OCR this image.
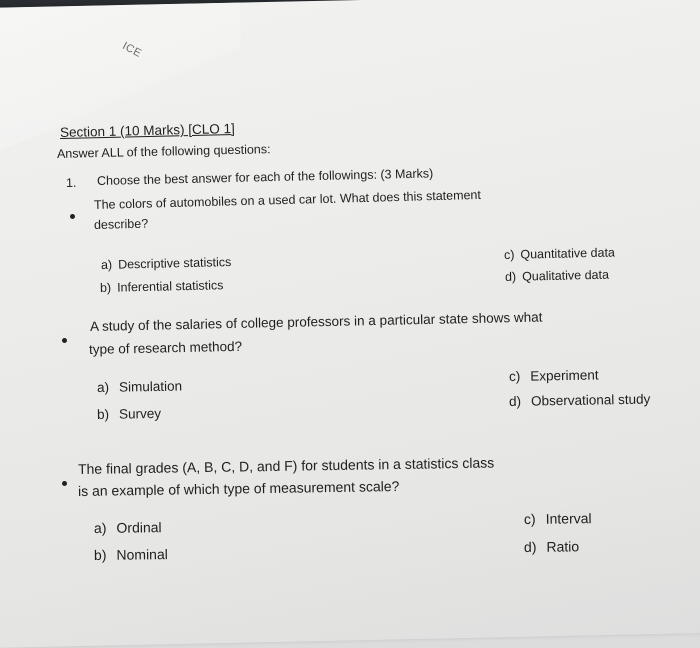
ICE
Section 1 (10 Marks) [CLO 1]
Answer ALL of the following questions:
1. Choose the best answer for each of the followings: (3 Marks)
The colors of automobiles on a used car lot. What does this statement
describe?
a) Descriptive statistics
b) Inferential statistics
c) Quantitative data
d) Qualitative data
A study of the salaries of college professors in a particular state shows what
type of research method?
a) Simulation
b) Survey
c) Experiment
d) Observational study
The final grades (A, B, C, D, and F) for students in a statistics class
is an example of which type of measurement scale?
a) Ordinal
b) Nominal
c) Interval
d) Ratio
